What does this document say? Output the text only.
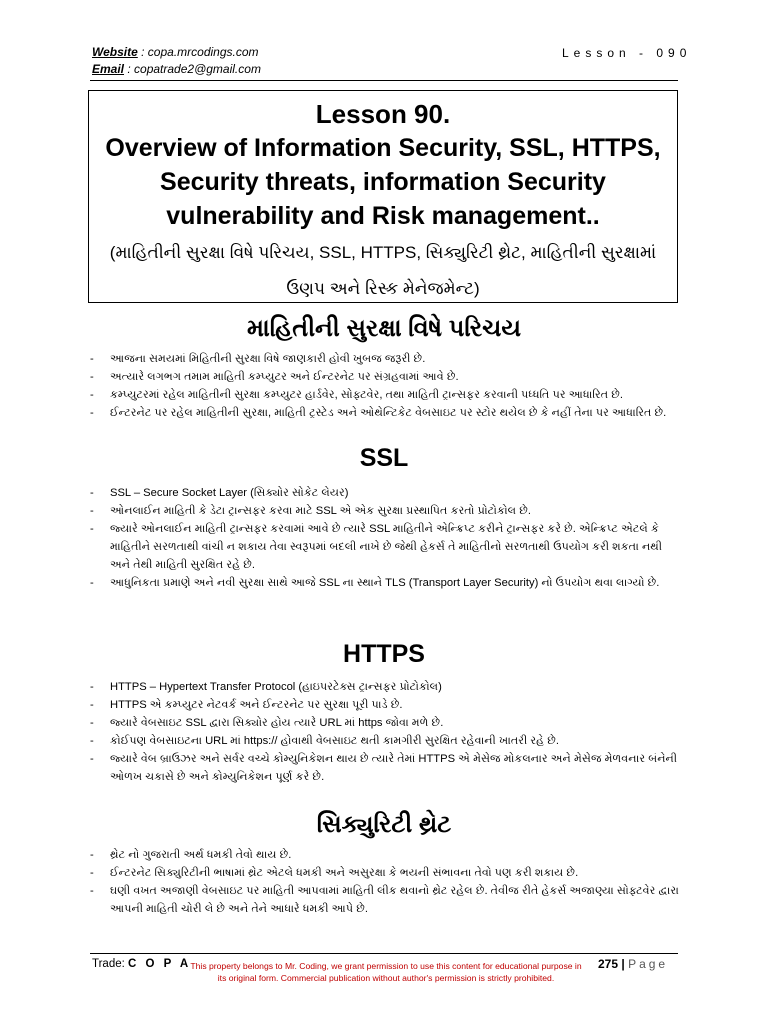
Website : copa.mrcodings.com
Email : copatrade2@gmail.com
Lesson - 090
Lesson 90.
Overview of Information Security, SSL, HTTPS, Security threats, information Security vulnerability and Risk management..
(માહિતીની સુરક્ષા વિષે પરિચય, SSL, HTTPS, સિક્યુરિટી થ્રેટ, માહિતીની સુરક્ષામાં ઉણપ અને રિસ્ક મેનેજમેન્ટ)
માહિતીની સુરક્ષા વિષે પરિચય
- આજના સમયમાં મિહિતીની સુરક્ષા વિષે જાણકારી હોવી ખુબજ જરૂરી છે.
- અત્યારે લગભગ તમામ માહિતી કમ્પ્યુટર અને ઈન્ટરનેટ પર સંગ્રહવામાં આવે છે.
- કમ્પ્યુટરમાં રહેલ માહિતીની સુરક્ષા કમ્પ્યુટર હાર્ડવેર, સોફ્ટવેર, તથા માહિતી ટ્રાન્સફર કરવાની પધ્ધતિ પર આધારિત છે.
- ઈન્ટરનેટ પર રહેલ માહિતીની સુરક્ષા, માહિતી ટ્રસ્ટેડ અને ઓથેન્ટિકેટ વેબસાઇટ પર સ્ટોર થયેલ છે કે નહીં તેના પર આધારિત છે.
SSL
- SSL – Secure Socket Layer (સિક્યોર સોકેટ લેયર)
- ઓનલાઈન માહિતી કે ડેટા ટ્રાન્સફર કરવા માટે SSL એ એક સુરક્ષા પ્રસ્થાપિત કરતો પ્રોટોકોલ છે.
- જ્યારે ઓનલાઈન માહિતી ટ્રાન્સફર કરવામાં આવે છે ત્યારે SSL માહિતીને એન્ક્રિપ્ટ કરીને ટ્રાન્સફર કરે છે. એન્ક્રિપ્ટ એટલે કે માહિતીને સરળતાથી વાંચી ન શકાય તેવા સ્વરૂપમાં બદલી નાખે છે જેથી હેકર્સ તે માહિતીનો સરળતાથી ઉપયોગ કરી શકતા નથી અને તેથી માહિતી સુરક્ષિત રહે છે.
- આધુનિકતા પ્રમાણે અને નવી સુરક્ષા સાથે આજે SSL ના સ્થાને TLS (Transport Layer Security) નો ઉપયોગ થવા લાગ્યો છે.
HTTPS
- HTTPS – Hypertext Transfer Protocol (હાઇપરટેક્સ ટ્રાન્સફર પ્રોટોકોલ)
- HTTPS એ કમ્પ્યુટર નેટવર્ક અને ઈન્ટરનેટ પર સુરક્ષા પૂરી પાડે છે.
- જ્યારે વેબસાઇટ SSL દ્વારા સિક્યોર હોય ત્યારે URL માં https જોવા મળે છે.
- કોઈપણ વેબસાઇટના URL માં https:// હોવાથી વેબસાઇટ થતી કામગીરી સુરક્ષિત રહેવાની ખાતરી રહે છે.
- જ્યારે વેબ બ્રાઉઝર અને સર્વર વચ્ચે કોમ્યુનિકેશન થાય છે ત્યારે તેમાં HTTPS એ મેસેજ મોકલનાર અને મેસેજ મેળવનાર બંનેની ઓળખ ચકાસે છે અને કોમ્યુનિકેશન પૂર્ણ કરે છે.
સિક્યુરિટી થ્રેટ
- થ્રેટ નો ગુજરાતી અર્થ ધમકી તેવો થાય છે.
- ઈન્ટરનેટ સિક્યુરિટીની ભાષામાં થ્રેટ એટલે ધમકી અને અસુરક્ષા કે ભયની સંભાવના તેવો પણ કરી શકાય છે.
- ઘણી વખત અજાણી વેબસાઇટ પર માહિતી આપવામાં માહિતી લીક થવાનો થ્રેટ રહેલ છે. તેવીજ રીતે હેકર્સ અજાણ્યા સોફ્ટવેર દ્વારા આપની માહિતી ચોરી લે છે અને તેને આધારે ધમકી આપે છે.
Trade: C O P A This property belongs to Mr. Coding, we grant permission to use this content for educational purpose in its original form. Commercial publication without author's permission is strictly prohibited.
275 | Page
